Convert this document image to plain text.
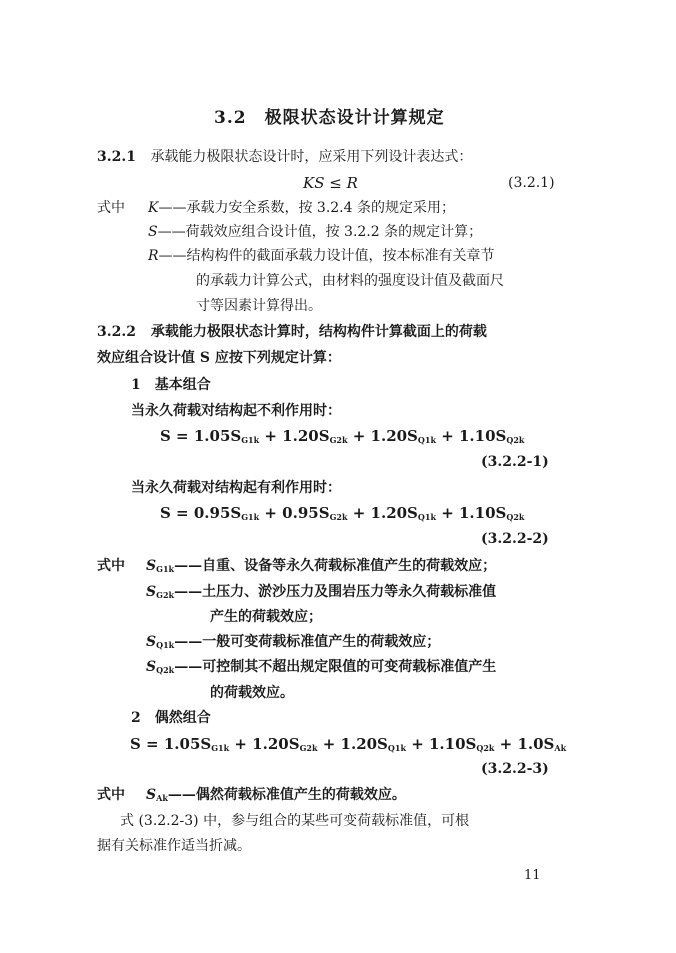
3.2　极限状态设计计算规定
3.2.1 承载能力极限状态设计时，应采用下列设计表达式：
KS ≤ R	(3.2.1)
式中 K——承载力安全系数，按 3.2.4 条的规定采用；
S——荷载效应组合设计值，按 3.2.2 条的规定计算；
R——结构构件的截面承载力设计值，按本标准有关章节
的承载力计算公式，由材料的强度设计值及截面尺
寸等因素计算得出。
3.2.2 承载能力极限状态计算时，结构构件计算截面上的荷载
效应组合设计值 S 应按下列规定计算：
1　基本组合
当永久荷载对结构起不利作用时：
$S = 1.05S_{G1k} + 1.20S_{G2k} + 1.20S_{Q1k} + 1.10S_{Q2k}$
(3.2.2-1)
当永久荷载对结构起有利作用时：
$S = 0.95S_{G1k} + 0.95S_{G2k} + 1.20S_{Q1k} + 1.10S_{Q2k}$
(3.2.2-2)
式中 $S_{G1k}——$自重、设备等永久荷载标准值产生的荷载效应；
$S_{G2k}——$土压力、淤沙压力及围岩压力等永久荷载标准值
产生的荷载效应；
$S_{Q1k}——$一般可变荷载标准值产生的荷载效应；
$S_{Q2k}——$可控制其不超出规定限值的可变荷载标准值产生
的荷载效应。
2　偶然组合
$S = 1.05S_{G1k} + 1.20S_{G2k} + 1.20S_{Q1k} + 1.10S_{Q2k} + 1.0S_{Ak}$
(3.2.2-3)
式中 $S_{Ak}——$偶然荷载标准值产生的荷载效应。
式 (3.2.2-3) 中，参与组合的某些可变荷载标准值，可根
据有关标准作适当折减。
11
